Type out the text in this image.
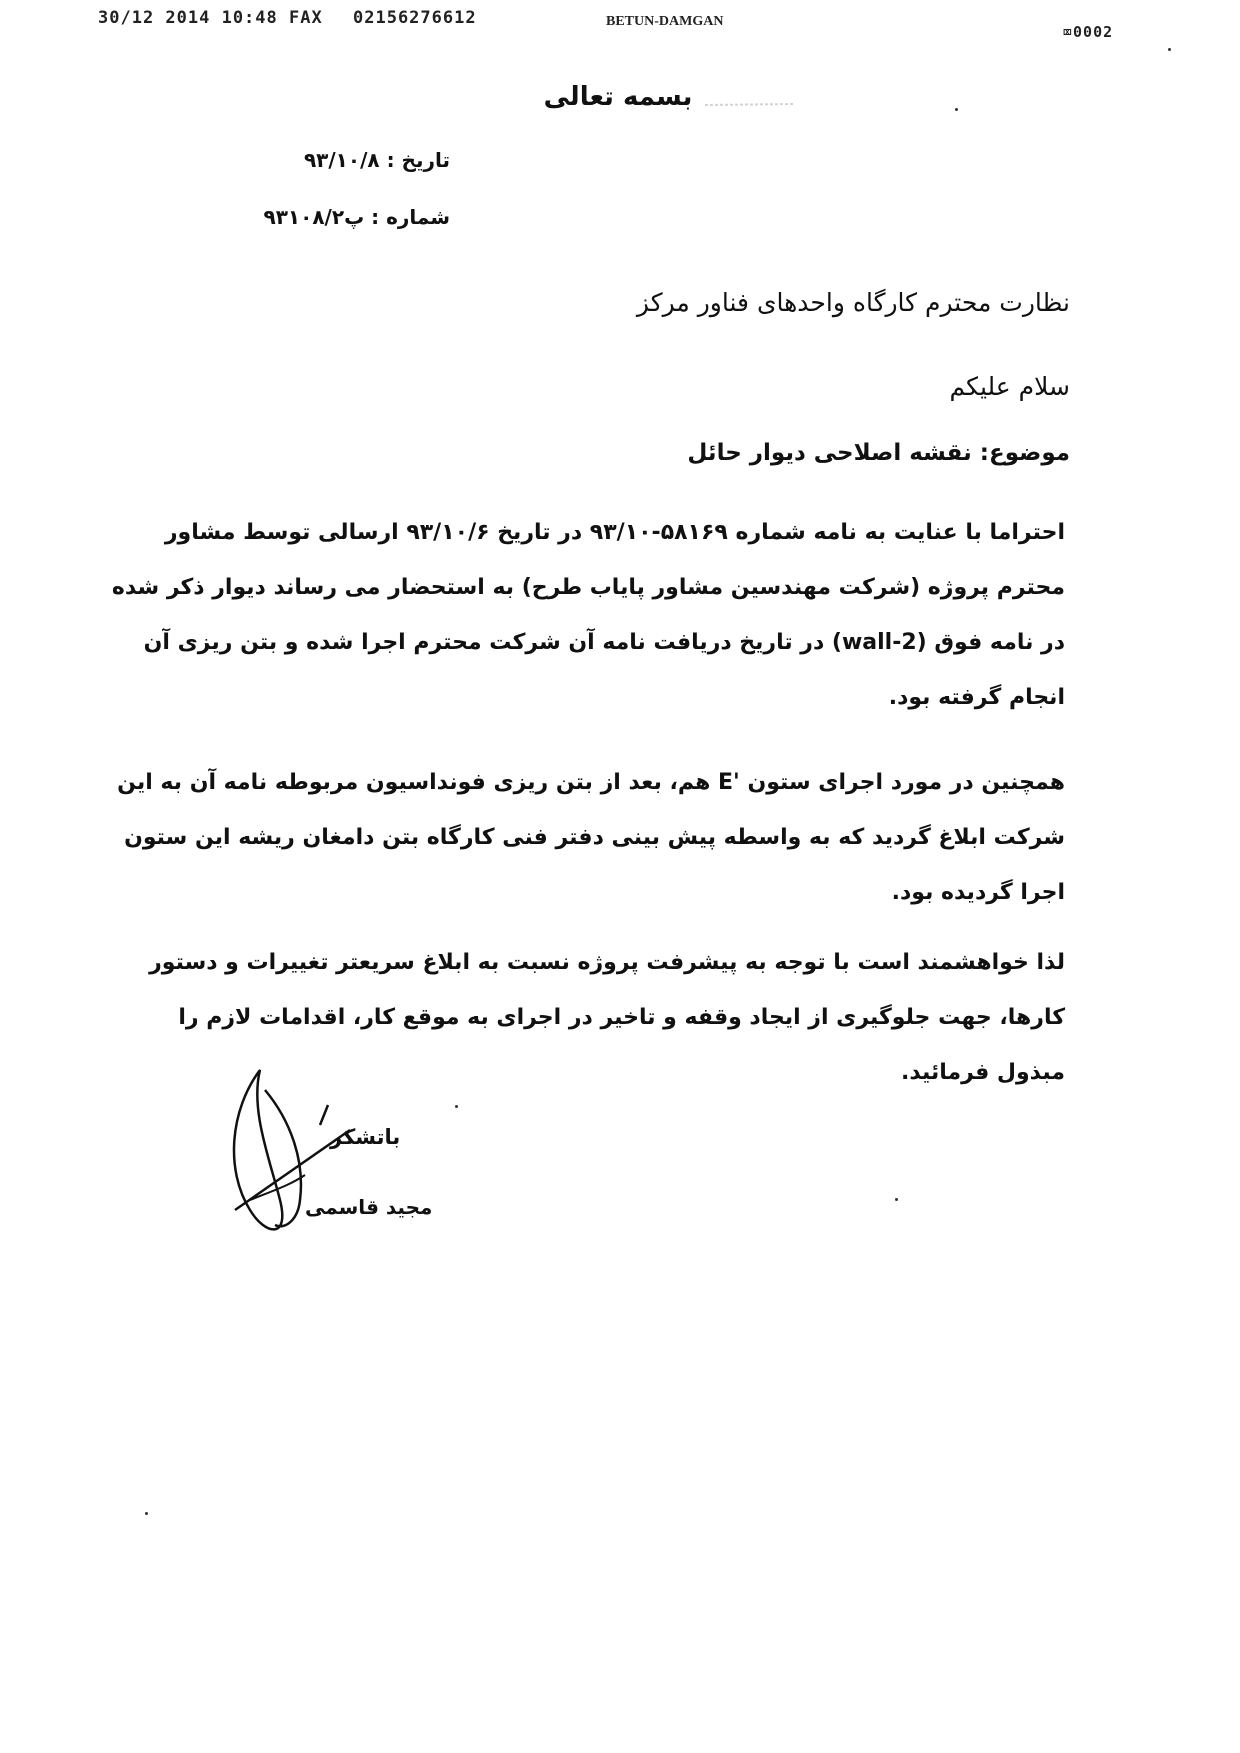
30/12 2014 10:48 FAX 02156276612	BETUN-DAMGAN
⌧0002
بسمه تعالی
تاریخ : ۹۳/۱۰/۸
شماره : پ۹۳۱۰۸/۲
نظارت محترم کارگاه واحدهای فناور مرکز
سلام علیکم
موضوع: نقشه اصلاحی دیوار حائل
احتراما با عنایت به نامه شماره ۵۸۱۶۹-۹۳/۱۰ در تاریخ ۹۳/۱۰/۶ ارسالی توسط مشاور
محترم پروژه (شرکت مهندسین مشاور پایاب طرح) به استحضار می رساند دیوار ذکر شده
در نامه فوق (wall-2) در تاریخ دریافت نامه آن شرکت محترم اجرا شده و بتن ریزی آن
انجام گرفته بود.
همچنین در مورد اجرای ستون 'E هم، بعد از بتن ریزی فونداسیون مربوطه نامه آن به این
شرکت ابلاغ گردید که به واسطه پیش بینی دفتر فنی کارگاه بتن دامغان ریشه این ستون
اجرا گردیده بود.
لذا خواهشمند است با توجه به پیشرفت پروژه نسبت به ابلاغ سریعتر تغییرات و دستور
کارها، جهت جلوگیری از ایجاد وقفه و تاخیر در اجرای به موقع کار، اقدامات لازم را
مبذول فرمائید.
باتشکر
مجید قاسمی
